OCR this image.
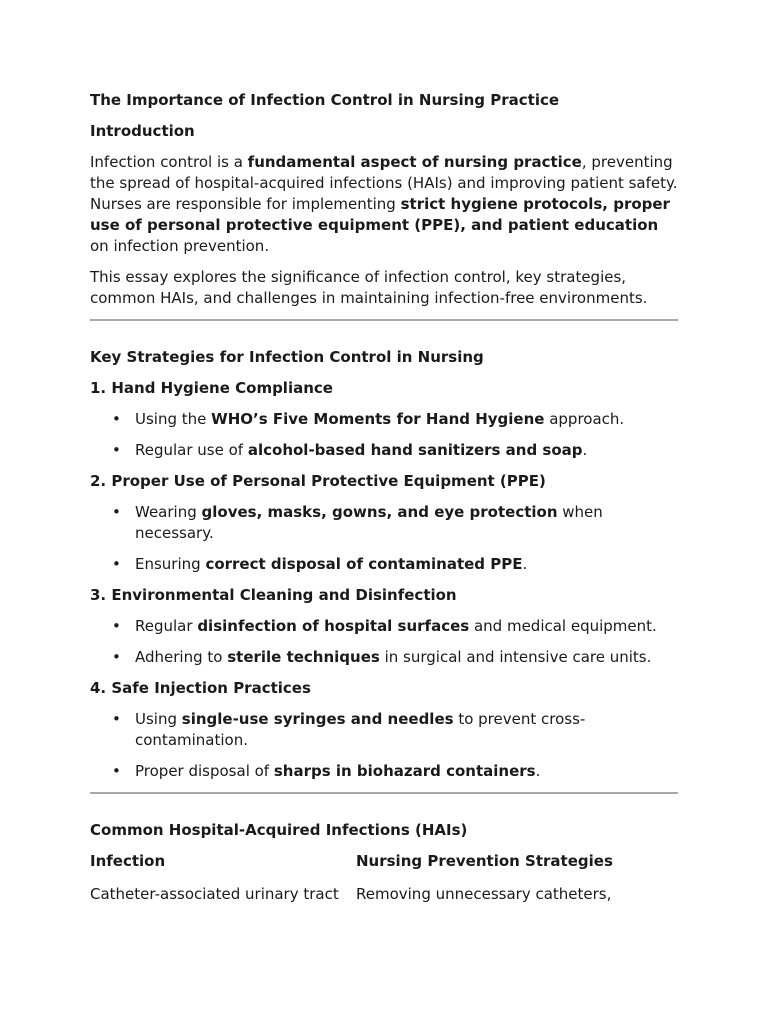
The Importance of Infection Control in Nursing Practice
Introduction

Infection control is a fundamental aspect of nursing practice, preventing the spread of hospital-acquired infections (HAIs) and improving patient safety. Nurses are responsible for implementing strict hygiene protocols, proper use of personal protective equipment (PPE), and patient education on infection prevention.

This essay explores the significance of infection control, key strategies, common HAIs, and challenges in maintaining infection-free environments.

Key Strategies for Infection Control in Nursing
1. Hand Hygiene Compliance
• Using the WHO’s Five Moments for Hand Hygiene approach.
• Regular use of alcohol-based hand sanitizers and soap.
2. Proper Use of Personal Protective Equipment (PPE)
• Wearing gloves, masks, gowns, and eye protection when necessary.
• Ensuring correct disposal of contaminated PPE.
3. Environmental Cleaning and Disinfection
• Regular disinfection of hospital surfaces and medical equipment.
• Adhering to sterile techniques in surgical and intensive care units.
4. Safe Injection Practices
• Using single-use syringes and needles to prevent cross-contamination.
• Proper disposal of sharps in biohazard containers.
Common Hospital-Acquired Infections (HAIs)
Infection	Nursing Prevention Strategies
Catheter-associated urinary tract	Removing unnecessary catheters,
